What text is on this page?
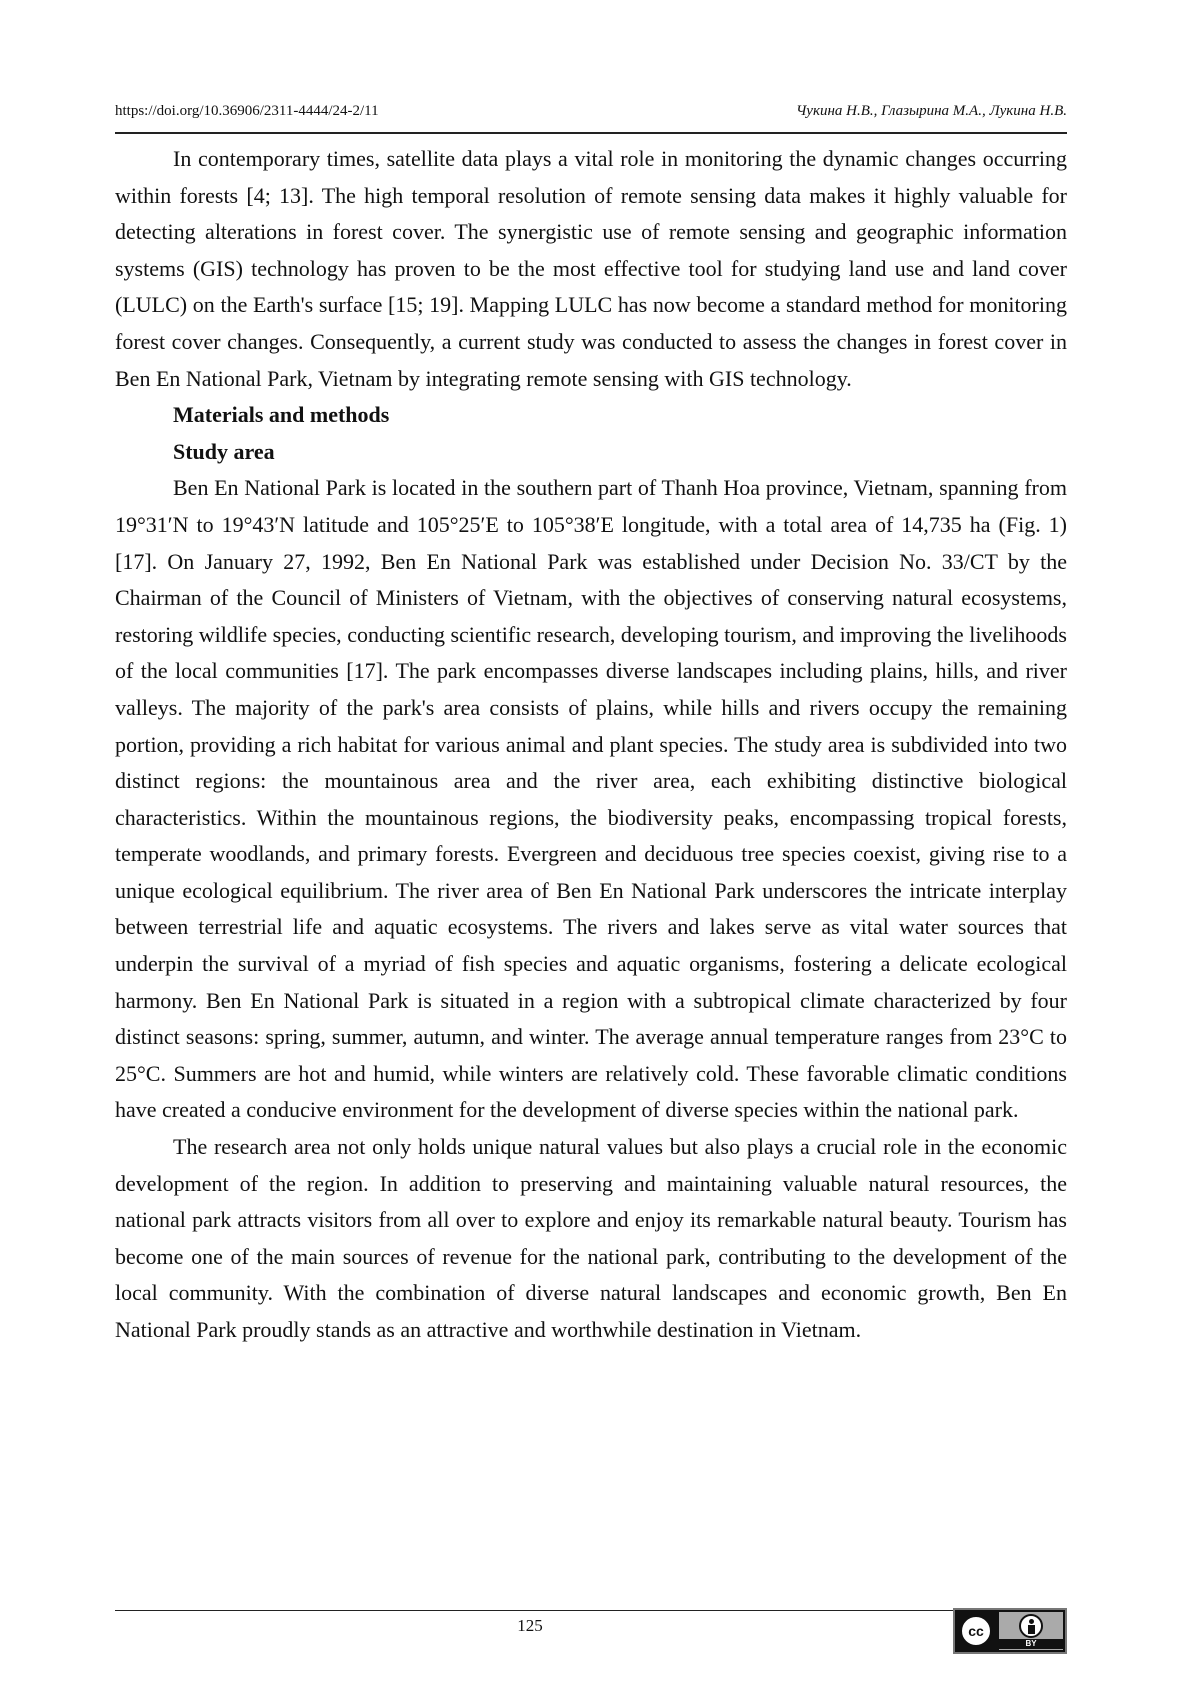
https://doi.org/10.36906/2311-4444/24-2/11	Чукина Н.В., Глазырина М.А., Лукина Н.В.

In contemporary times, satellite data plays a vital role in monitoring the dynamic changes occurring within forests [4; 13]. The high temporal resolution of remote sensing data makes it highly valuable for detecting alterations in forest cover. The synergistic use of remote sensing and geographic information systems (GIS) technology has proven to be the most effective tool for studying land use and land cover (LULC) on the Earth's surface [15; 19]. Mapping LULC has now become a standard method for monitoring forest cover changes. Consequently, a current study was conducted to assess the changes in forest cover in Ben En National Park, Vietnam by integrating remote sensing with GIS technology.

Materials and methods
Study area

Ben En National Park is located in the southern part of Thanh Hoa province, Vietnam, spanning from 19°31′N to 19°43′N latitude and 105°25′E to 105°38′E longitude, with a total area of 14,735 ha (Fig. 1) [17]. On January 27, 1992, Ben En National Park was established under Decision No. 33/CT by the Chairman of the Council of Ministers of Vietnam, with the objectives of conserving natural ecosystems, restoring wildlife species, conducting scientific research, developing tourism, and improving the livelihoods of the local communities [17]. The park encompasses diverse landscapes including plains, hills, and river valleys. The majority of the park's area consists of plains, while hills and rivers occupy the remaining portion, providing a rich habitat for various animal and plant species. The study area is subdivided into two distinct regions: the mountainous area and the river area, each exhibiting distinctive biological characteristics. Within the mountainous regions, the biodiversity peaks, encompassing tropical forests, temperate woodlands, and primary forests. Evergreen and deciduous tree species coexist, giving rise to a unique ecological equilibrium. The river area of Ben En National Park underscores the intricate interplay between terrestrial life and aquatic ecosystems. The rivers and lakes serve as vital water sources that underpin the survival of a myriad of fish species and aquatic organisms, fostering a delicate ecological harmony. Ben En National Park is situated in a region with a subtropical climate characterized by four distinct seasons: spring, summer, autumn, and winter. The average annual temperature ranges from 23°C to 25°C. Summers are hot and humid, while winters are relatively cold. These favorable climatic conditions have created a conducive environment for the development of diverse species within the national park.

The research area not only holds unique natural values but also plays a crucial role in the economic development of the region. In addition to preserving and maintaining valuable natural resources, the national park attracts visitors from all over to explore and enjoy its remarkable natural beauty. Tourism has become one of the main sources of revenue for the national park, contributing to the development of the local community. With the combination of diverse natural landscapes and economic growth, Ben En National Park proudly stands as an attractive and worthwhile destination in Vietnam.

125	cc
BY
